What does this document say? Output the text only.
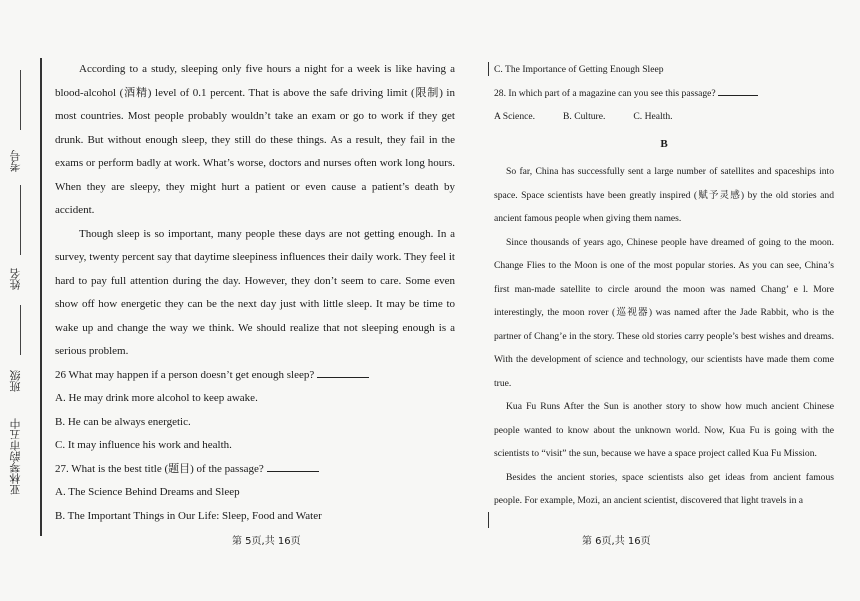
考号
姓名
班级
亚林琴韵市五中

According to a study, sleeping only five hours a night for a week is like having a blood-alcohol (酒精) level of 0.1 percent. That is above the safe driving limit (限制) in most countries. Most people probably wouldn’t take an exam or go to work if they get drunk. But without enough sleep, they still do these things. As a result, they fail in the exams or perform badly at work. What’s worse, doctors and nurses often work long hours. When they are sleepy, they might hurt a patient or even cause a patient’s death by accident.

Though sleep is so important, many people these days are not getting enough. In a survey, twenty percent say that daytime sleepiness influences their daily work. They feel it hard to pay full attention during the day. However, they don’t seem to care. Some even show off how energetic they can be the next day just with little sleep. It may be time to wake up and change the way we think. We should realize that not sleeping enough is a serious problem.

26 What may happen if a person doesn’t get enough sleep?
A. He may drink more alcohol to keep awake.
B. He can be always energetic.
C. It may influence his work and health.
27. What is the best title (题目) of the passage?
A. The Science Behind Dreams and Sleep
B. The Important Things in Our Life: Sleep, Food and Water
C. The Importance of Getting Enough Sleep
28. In which part of a magazine can you see this passage?
A Science.	B. Culture.	C. Health.
B

So far, China has successfully sent a large number of satellites and spaceships into space. Space scientists have been greatly inspired (赋予灵感) by the old stories and ancient famous people when giving them names.

Since thousands of years ago, Chinese people have dreamed of going to the moon. Change Flies to the Moon is one of the most popular stories. As you can see, China’s first man-made satellite to circle around the moon was named Chang’ e l. More interestingly, the moon rover (巡视器) was named after the Jade Rabbit, who is the partner of Chang’e in the story. These old stories carry people’s best wishes and dreams. With the development of science and technology, our scientists have made them come true.

Kua Fu Runs After the Sun is another story to show how much ancient Chinese people wanted to know about the unknown world. Now, Kua Fu is going with the scientists to “visit” the sun, because we have a space project called Kua Fu Mission.

Besides the ancient stories, space scientists also get ideas from ancient famous people. For example, Mozi, an ancient scientist, discovered that light travels in a

第 5页,共 16页	第 6页,共 16页
